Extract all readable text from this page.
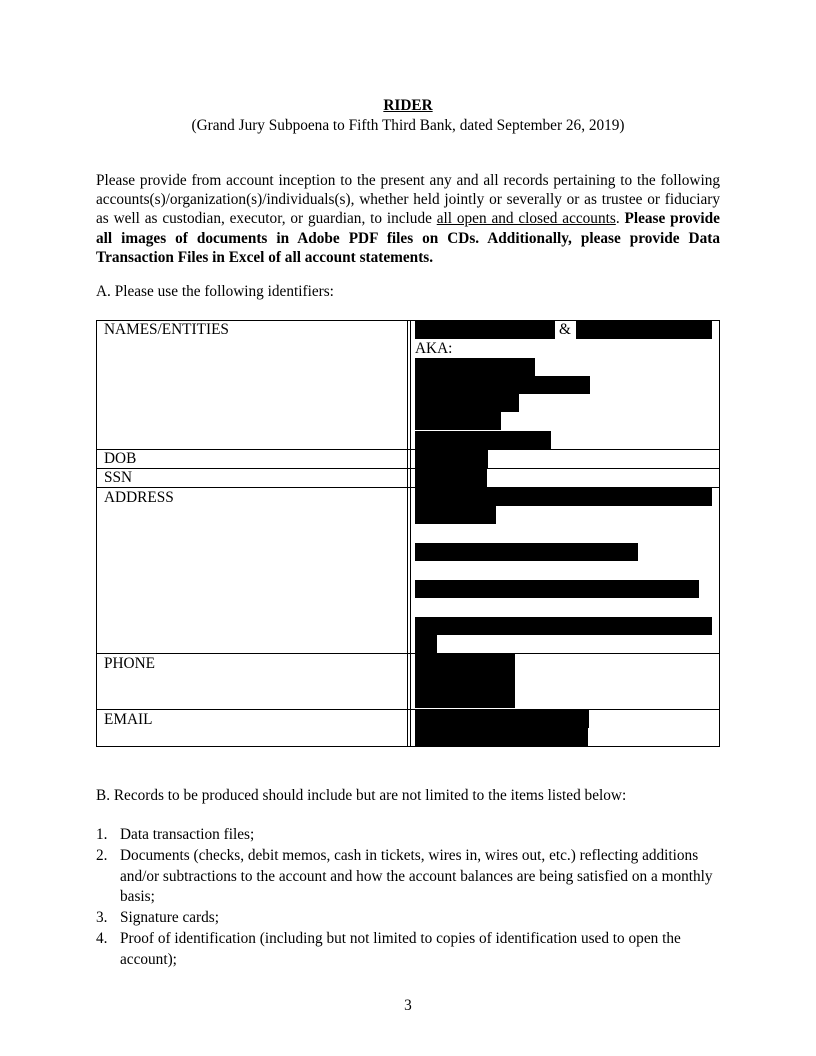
RIDER
(Grand Jury Subpoena to Fifth Third Bank, dated September 26, 2019)
Please provide from account inception to the present any and all records pertaining to the following accounts(s)/organization(s)/individuals(s), whether held jointly or severally or as trustee or fiduciary as well as custodian, executor, or guardian, to include all open and closed accounts. Please provide all images of documents in Adobe PDF files on CDs. Additionally, please provide Data Transaction Files in Excel of all account statements.
A. Please use the following identifiers:
NAMES/ENTITIES
DOB
SSN
ADDRESS
PHONE
EMAIL
&
AKA:
B. Records to be produced should include but are not limited to the items listed below:
1. Data transaction files;
2. Documents (checks, debit memos, cash in tickets, wires in, wires out, etc.) reflecting additions and/or subtractions to the account and how the account balances are being satisfied on a monthly basis;
3. Signature cards;
4. Proof of identification (including but not limited to copies of identification used to open the account);
3
